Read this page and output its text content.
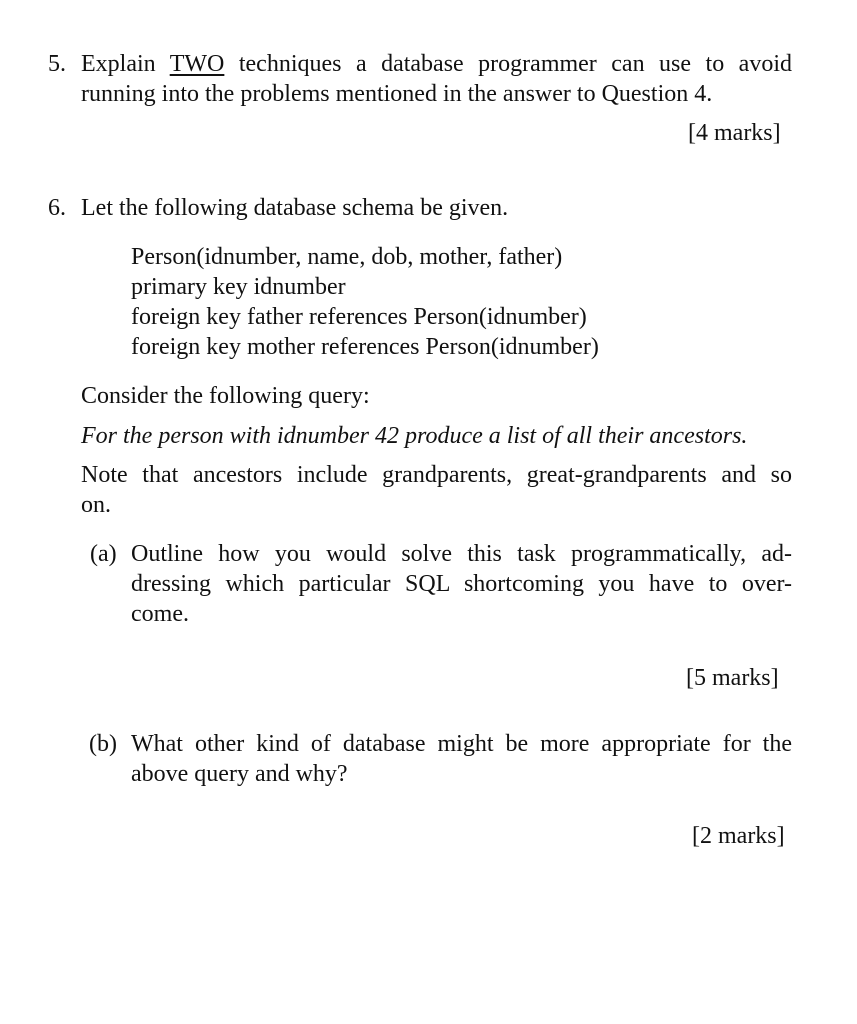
5. Explain TWO techniques a database programmer can use to avoid
running into the problems mentioned in the answer to Question 4.
[4 marks]
6. Let the following database schema be given.
Person(idnumber, name, dob, mother, father)
primary key idnumber
foreign key father references Person(idnumber)
foreign key mother references Person(idnumber)
Consider the following query:
For the person with idnumber 42 produce a list of all their ancestors.
Note that ancestors include grandparents, great-grandparents and so
on.
(a) Outline how you would solve this task programmatically, ad-
dressing which particular SQL shortcoming you have to over-
come.
[5 marks]
(b) What other kind of database might be more appropriate for the
above query and why?
[2 marks]
